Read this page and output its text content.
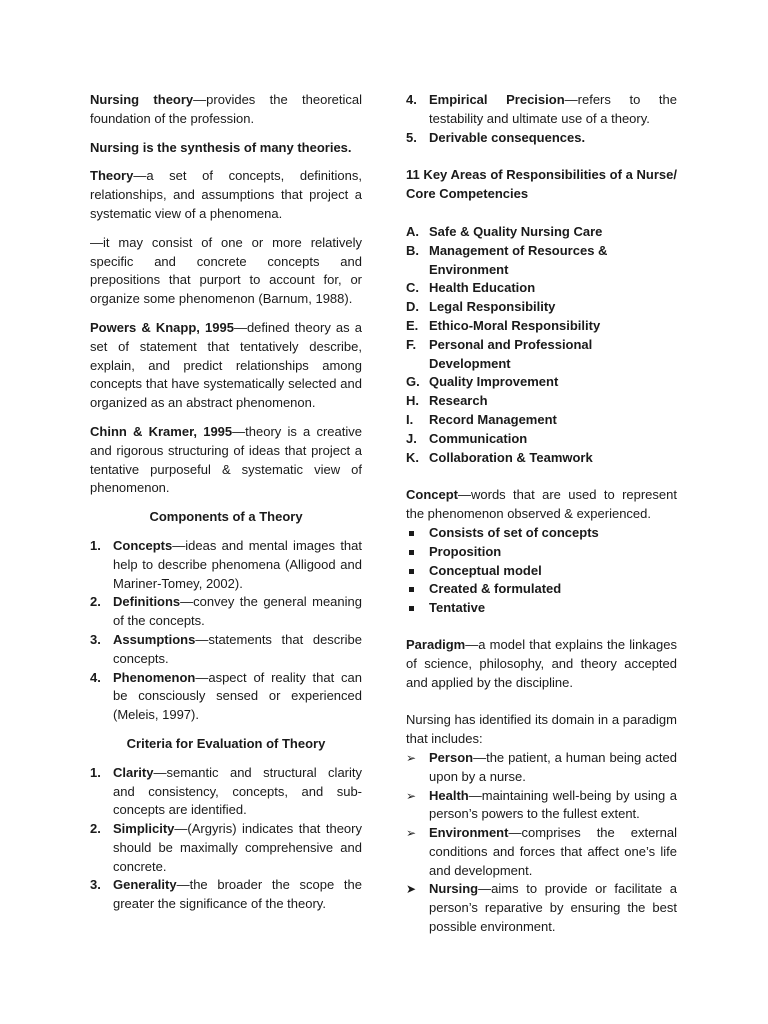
Nursing theory—provides the theoretical foundation of the profession.

Nursing is the synthesis of many theories.

Theory—a set of concepts, definitions, relationships, and assumptions that project a systematic view of a phenomena.

—it may consist of one or more relatively specific and concrete concepts and prepositions that purport to account for, or organize some phenomenon (Barnum, 1988).

Powers & Knapp, 1995—defined theory as a set of statement that tentatively describe, explain, and predict relationships among concepts that have systematically selected and organized as an abstract phenomenon.

Chinn & Kramer, 1995—theory is a creative and rigorous structuring of ideas that project a tentative purposeful & systematic view of phenomenon.

Components of a Theory

1. Concepts—ideas and mental images that help to describe phenomena (Alligood and Mariner-Tomey, 2002).
2. Definitions—convey the general meaning of the concepts.
3. Assumptions—statements that describe concepts.
4. Phenomenon—aspect of reality that can be consciously sensed or experienced (Meleis, 1997).

Criteria for Evaluation of Theory

1. Clarity—semantic and structural clarity and consistency, concepts, and sub-concepts are identified.
2. Simplicity—(Argyris) indicates that theory should be maximally comprehensive and concrete.
3. Generality—the broader the scope the greater the significance of the theory.
4. Empirical Precision—refers to the testability and ultimate use of a theory.
5. Derivable consequences.

11 Key Areas of Responsibilities of a Nurse/ Core Competencies

A. Safe & Quality Nursing Care
B. Management of Resources & Environment
C. Health Education
D. Legal Responsibility
E. Ethico-Moral Responsibility
F. Personal and Professional Development
G. Quality Improvement
H. Research
I. Record Management
J. Communication
K. Collaboration & Teamwork

Concept—words that are used to represent the phenomenon observed & experienced.

Consists of set of concepts
Proposition
Conceptual model
Created & formulated
Tentative

Paradigm—a model that explains the linkages of science, philosophy, and theory accepted and applied by the discipline.

Nursing has identified its domain in a paradigm that includes:

➢ Person—the patient, a human being acted upon by a nurse.
➢ Health—maintaining well-being by using a person’s powers to the fullest extent.
➢ Environment—comprises the external conditions and forces that affect one’s life and development.
➤ Nursing—aims to provide or facilitate a person’s reparative by ensuring the best possible environment.
